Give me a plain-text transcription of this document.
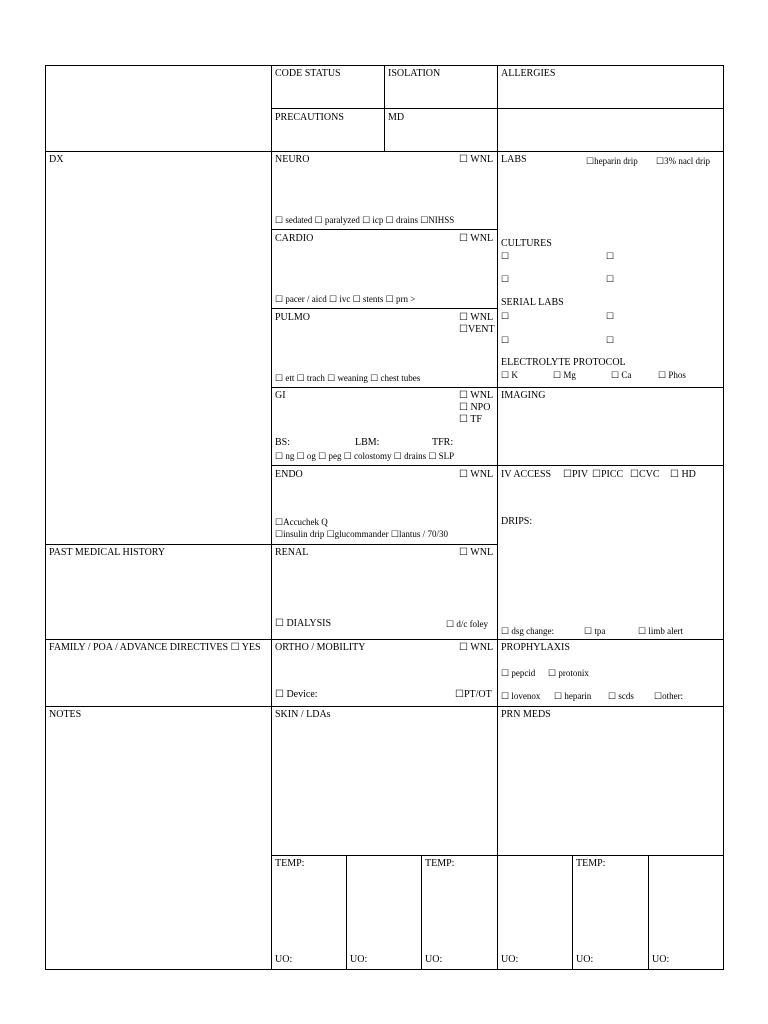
CODE STATUS	ISOLATION	ALLERGIES
PRECAUTIONS	MD
DX
PAST MEDICAL HISTORY
FAMILY / POA / ADVANCE DIRECTIVES ☐ YES
NOTES
NEURO	☐ WNL
☐ sedated ☐ paralyzed ☐ icp ☐ drains ☐NIHSS
CARDIO	☐ WNL
☐ pacer / aicd ☐ ivc ☐ stents ☐ prn >
PULMO	☐ WNL
☐VENT
☐ ett ☐ trach ☐ weaning ☐ chest tubes
GI	☐ WNL
☐ NPO
☐ TF
BS:	LBM:	TFR:
☐ ng ☐ og ☐ peg ☐ colostomy ☐ drains ☐ SLP
ENDO	☐ WNL
☐Accuchek Q
☐insulin drip ☐glucommander ☐lantus / 70/30
RENAL	☐ WNL
☐ DIALYSIS	☐ d/c foley
ORTHO / MOBILITY	☐ WNL
☐ Device:	☐PT/OT
SKIN / LDAs
LABS	☐heparin drip ☐3% nacl drip
CULTURES
☐	☐
☐	☐
SERIAL LABS
☐	☐
☐	☐
ELECTROLYTE PROTOCOL
☐ K	☐ Mg	☐ Ca	☐ Phos
IMAGING
IV ACCESS ☐PIV ☐PICC ☐CVC ☐ HD
DRIPS:
☐ dsg change:	☐ tpa	☐ limb alert
PROPHYLAXIS
☐ pepcid ☐ protonix
☐ lovenox ☐ heparin ☐ scds ☐other:
PRN MEDS
TEMP:	TEMP:	TEMP:
UO:	UO:	UO:	UO:	UO:	UO:
